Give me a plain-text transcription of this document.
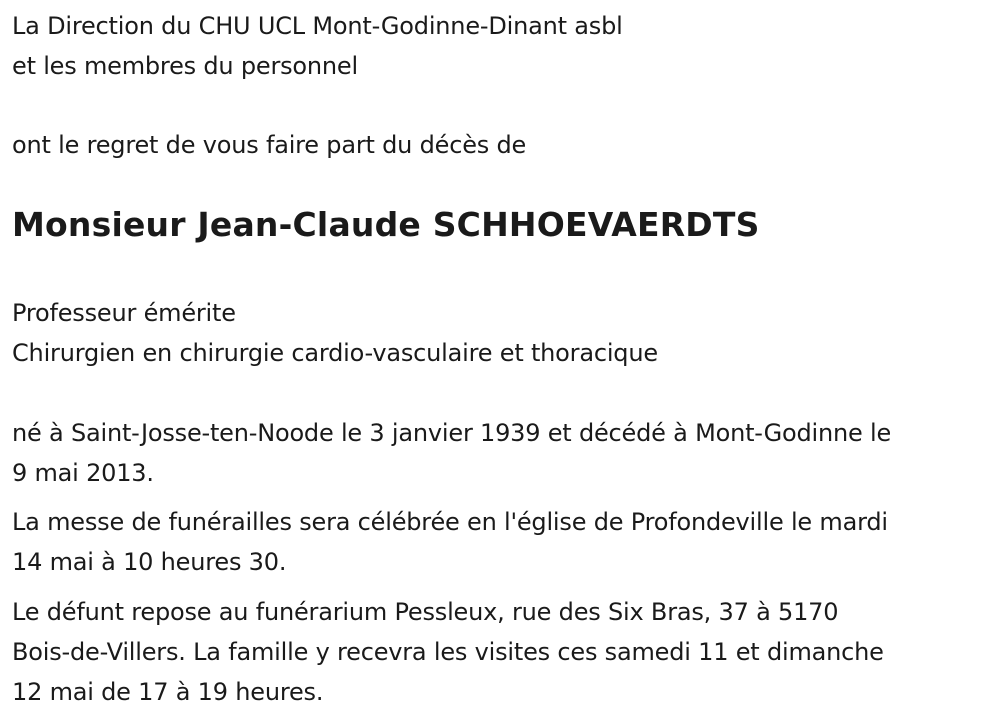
La Direction du CHU UCL Mont-Godinne-Dinant asbl

et les membres du personnel

ont le regret de vous faire part du décès de

Monsieur Jean-Claude SCHHOEVAERDTS

Professeur émérite

Chirurgien en chirurgie cardio-vasculaire et thoracique

né à Saint-Josse-ten-Noode le 3 janvier 1939 et décédé à Mont-Godinne le

9 mai 2013.

La messe de funérailles sera célébrée en l'église de Profondeville le mardi

14 mai à 10 heures 30.

Le défunt repose au funérarium Pessleux, rue des Six Bras, 37 à 5170

Bois-de-Villers. La famille y recevra les visites ces samedi 11 et dimanche

12 mai de 17 à 19 heures.
